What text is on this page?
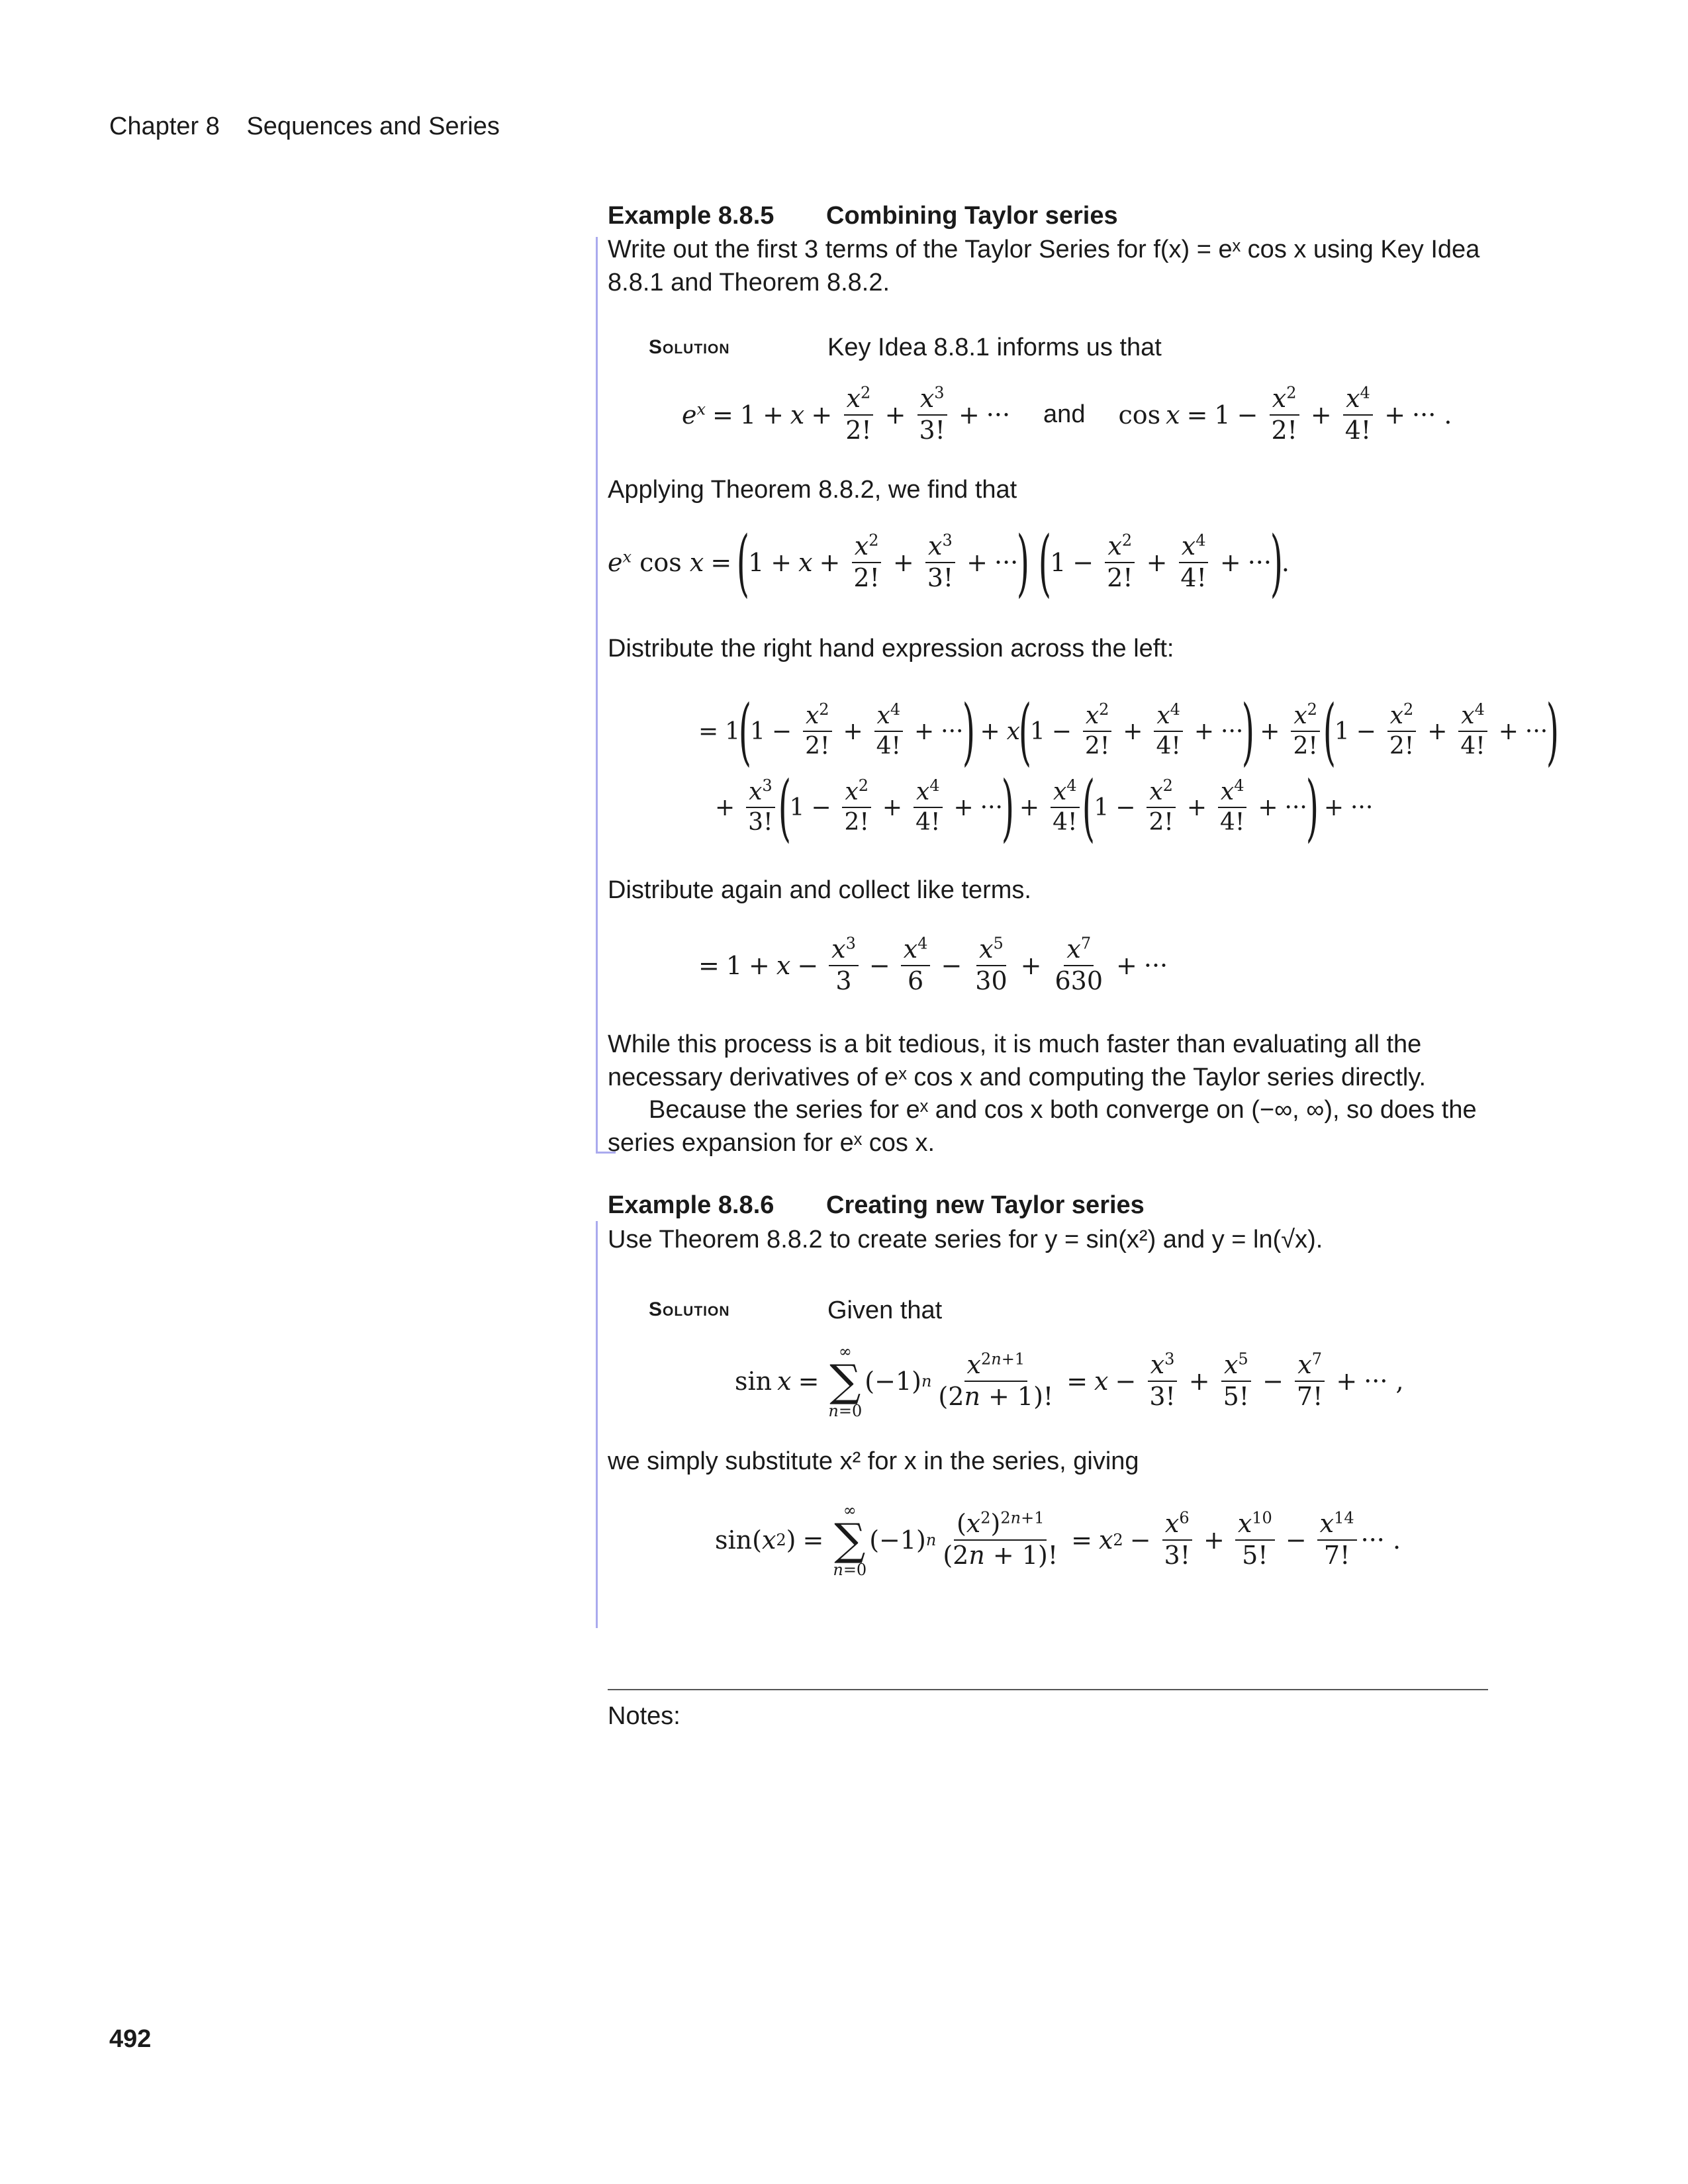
Chapter 8 Sequences and Series
Example 8.8.5 Combining Taylor series
Write out the first 3 terms of the Taylor Series for f(x) = eˣ cos x using Key Idea 8.8.1 and Theorem 8.8.2.
Solution	Key Idea 8.8.1 informs us that
$e^x = 1 + x + \frac{x^2}{2!} + \frac{x^3}{3!}$ + ··· and $\cos x = 1 - \frac{x^2}{2!} + \frac{x^4}{4!}$ + ··· .
Applying Theorem 8.8.2, we find that
$e^x$ cos x = (
$1 + x + \frac{x^2}{2!} + \frac{x^3}{3!}$ + ···
) (
$1 - \frac{x^2}{2!} + \frac{x^4}{4!}$ + ···
)
.
Distribute the right hand expression across the left:
= 1
(
$1 - \frac{x^2}{2!} + \frac{x^4}{4!}$ + ···
) + x
(
$1 - \frac{x^2}{2!} + \frac{x^4}{4!}$ + ···
) + $\frac{x^2}{2!}$ (
$1 - \frac{x^2}{2!} + \frac{x^4}{4!}$ + ···
)
+ $\frac{x^3}{3!}$ (
$1 - \frac{x^2}{2!} + \frac{x^4}{4!}$ + ···
) + $\frac{x^4}{4!}$ (
$1 - \frac{x^2}{2!} + \frac{x^4}{4!}$ + ···
) + ···
Distribute again and collect like terms.
= $1 + x - \frac{x^3}{3} - \frac{x^4}{6} - \frac{x^5}{30} + \frac{x^7}{630}$ + ···
While this process is a bit tedious, it is much faster than evaluating all the necessary derivatives of eˣ cos x and computing the Taylor series directly.
Because the series for eˣ and cos x both converge on (−∞, ∞), so does the series expansion for eˣ cos x.
Example 8.8.6 Creating new Taylor series
Use Theorem 8.8.2 to create series for y = sin(x²) and y = ln(√x).
Solution	Given that
sin x =
∞
∑
n=0
(−1) n $\frac{x^{2n+1}}{(2n + 1)!} = x - \frac{x^3}{3!} + \frac{x^5}{5!} - \frac{x^7}{7!}$ + ··· ,
we simply substitute x² for x in the series, giving
sin( x 2 ) =
∞
∑
n=0
(−1) n $\frac{(x^2)^{2n+1}}{(2n + 1)!} = x$ $2 - \frac{x^6}{3!} + \frac{x^{10}}{5!} - \frac{x^{14}}{7!}$ ··· .
Notes:
492
